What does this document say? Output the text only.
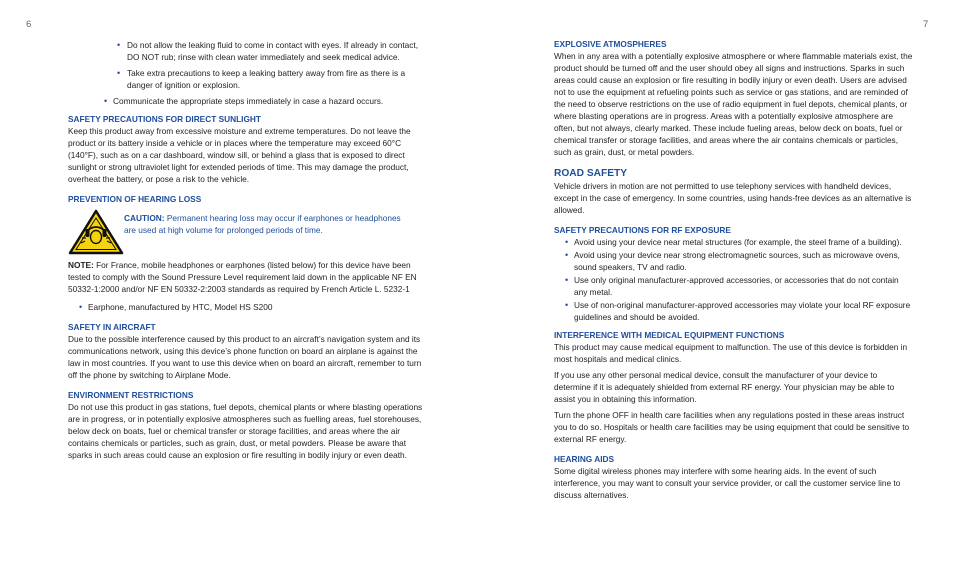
6	7
• Do not allow the leaking fluid to come in contact with eyes. If already in contact, DO NOT rub; rinse with clean water immediately and seek medical advice.
• Take extra precautions to keep a leaking battery away from fire as there is a danger of ignition or explosion.
• Communicate the appropriate steps immediately in case a hazard occurs.

SAFETY PRECAUTIONS FOR DIRECT SUNLIGHT

Keep this product away from excessive moisture and extreme temperatures. Do not leave the product or its battery inside a vehicle or in places where the temperature may exceed 60°C (140°F), such as on a car dashboard, window sill, or behind a glass that is exposed to direct sunlight or strong ultraviolet light for extended periods of time. This may damage the product, overheat the battery, or pose a risk to the vehicle.

PREVENTION OF HEARING LOSS

CAUTION: Permanent hearing loss may occur if earphones or headphones are used at high volume for prolonged periods of time.

NOTE: For France, mobile headphones or earphones (listed below) for this device have been tested to comply with the Sound Pressure Level requirement laid down in the applicable NF EN 50332-1:2000 and/or NF EN 50332-2:2003 standards as required by French Article L. 5232-1

• Earphone, manufactured by HTC, Model HS S200

SAFETY IN AIRCRAFT

Due to the possible interference caused by this product to an aircraft’s navigation system and its communications network, using this device’s phone function on board an airplane is against the law in most countries. If you want to use this device when on board an aircraft, remember to turn off the phone by switching to Airplane Mode.

ENVIRONMENT RESTRICTIONS

Do not use this product in gas stations, fuel depots, chemical plants or where blasting operations are in progress, or in potentially explosive atmospheres such as fuelling areas, fuel storehouses, below deck on boats, fuel or chemical transfer or storage facilities, and areas where the air contains chemicals or particles, such as grain, dust, or metal powders. Please be aware that sparks in such areas could cause an explosion or fire resulting in bodily injury or even death.

EXPLOSIVE ATMOSPHERES

When in any area with a potentially explosive atmosphere or where flammable materials exist, the product should be turned off and the user should obey all signs and instructions. Sparks in such areas could cause an explosion or fire resulting in bodily injury or even death. Users are advised not to use the equipment at refueling points such as service or gas stations, and are reminded of the need to observe restrictions on the use of radio equipment in fuel depots, chemical plants, or where blasting operations are in progress. Areas with a potentially explosive atmosphere are often, but not always, clearly marked. These include fueling areas, below deck on boats, fuel or chemical transfer or storage facilities, and areas where the air contains chemicals or particles, such as grain, dust, or metal powders.

ROAD SAFETY

Vehicle drivers in motion are not permitted to use telephony services with handheld devices, except in the case of emergency. In some countries, using hands-free devices as an alternative is allowed.

SAFETY PRECAUTIONS FOR RF EXPOSURE

• Avoid using your device near metal structures (for example, the steel frame of a building).
• Avoid using your device near strong electromagnetic sources, such as microwave ovens, sound speakers, TV and radio.
• Use only original manufacturer-approved accessories, or accessories that do not contain any metal.
• Use of non-original manufacturer-approved accessories may violate your local RF exposure guidelines and should be avoided.

INTERFERENCE WITH MEDICAL EQUIPMENT FUNCTIONS

This product may cause medical equipment to malfunction. The use of this device is forbidden in most hospitals and medical clinics.

If you use any other personal medical device, consult the manufacturer of your device to determine if it is adequately shielded from external RF energy. Your physician may be able to assist you in obtaining this information.

Turn the phone OFF in health care facilities when any regulations posted in these areas instruct you to do so. Hospitals or health care facilities may be using equipment that could be sensitive to external RF energy.

HEARING AIDS

Some digital wireless phones may interfere with some hearing aids. In the event of such interference, you may want to consult your service provider, or call the customer service line to discuss alternatives.
